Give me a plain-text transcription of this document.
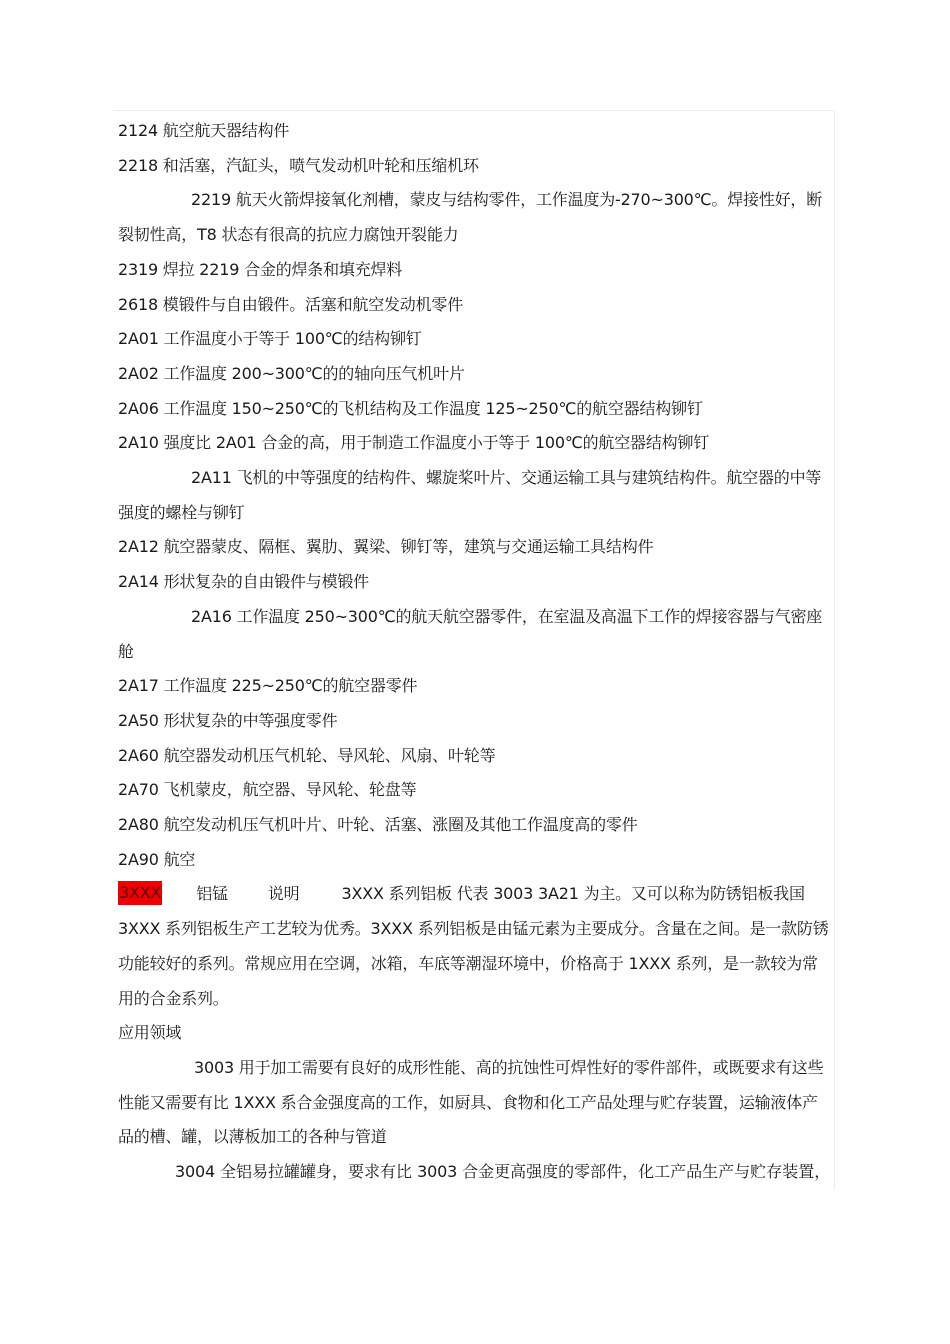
2124 航空航天器结构件

2218 和活塞，汽缸头，喷气发动机叶轮和压缩机环

2219 航天火箭焊接氧化剂槽，蒙皮与结构零件，工作温度为-270~300℃。焊接性好，断裂韧性高，T8 状态有很高的抗应力腐蚀开裂能力

2319 焊拉 2219 合金的焊条和填充焊料

2618 模锻件与自由锻件。活塞和航空发动机零件

2A01 工作温度小于等于 100℃的结构铆钉

2A02 工作温度 200~300℃的的轴向压气机叶片

2A06 工作温度 150~250℃的飞机结构及工作温度 125~250℃的航空器结构铆钉

2A10 强度比 2A01 合金的高，用于制造工作温度小于等于 100℃的航空器结构铆钉

2A11 飞机的中等强度的结构件、螺旋桨叶片、交通运输工具与建筑结构件。航空器的中等强度的螺栓与铆钉

2A12 航空器蒙皮、隔框、翼肋、翼梁、铆钉等，建筑与交通运输工具结构件

2A14 形状复杂的自由锻件与模锻件

2A16 工作温度 250~300℃的航天航空器零件，在室温及高温下工作的焊接容器与气密座舱

2A17 工作温度 225~250℃的航空器零件

2A50 形状复杂的中等强度零件

2A60 航空器发动机压气机轮、导风轮、风扇、叶轮等

2A70 飞机蒙皮，航空器、导风轮、轮盘等

2A80 航空发动机压气机叶片、叶轮、活塞、涨圈及其他工作温度高的零件

2A90 航空

3XXX 铝锰	说明	3XXX 系列铝板 代表 3003 3A21 为主。又可以称为防锈铝板我国 3XXX 系列铝板生产工艺较为优秀。3XXX 系列铝板是由锰元素为主要成分。含量在之间。是一款防锈功能较好的系列。常规应用在空调，冰箱，车底等潮湿环境中，价格高于 1XXX 系列，是一款较为常用的合金系列。

应用领域

3003 用于加工需要有良好的成形性能、高的抗蚀性可焊性好的零件部件，或既要求有这些性能又需要有比 1XXX 系合金强度高的工作，如厨具、食物和化工产品处理与贮存装置，运输液体产品的槽、罐，以薄板加工的各种与管道

3004 全铝易拉罐罐身，要求有比 3003 合金更高强度的零部件，化工产品生产与贮存装置，
